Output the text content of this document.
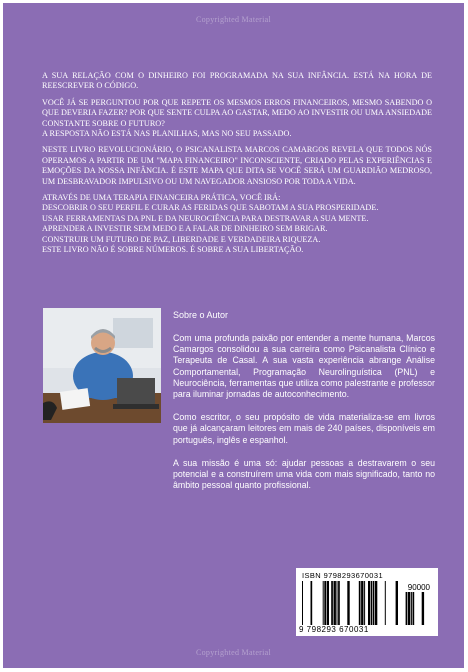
Copyrighted Material

A SUA RELAÇÃO COM O DINHEIRO FOI PROGRAMADA NA SUA INFÂNCIA. ESTÁ NA HORA DE REESCREVER O CÓDIGO.

VOCÊ JÁ SE PERGUNTOU POR QUE REPETE OS MESMOS ERROS FINANCEIROS, MESMO SABENDO O QUE DEVERIA FAZER? POR QUE SENTE CULPA AO GASTAR, MEDO AO INVESTIR OU UMA ANSIEDADE CONSTANTE SOBRE O FUTURO?
A RESPOSTA NÃO ESTÁ NAS PLANILHAS, MAS NO SEU PASSADO.

NESTE LIVRO REVOLUCIONÁRIO, O PSICANALISTA MARCOS CAMARGOS REVELA QUE TODOS NÓS OPERAMOS A PARTIR DE UM "MAPA FINANCEIRO" INCONSCIENTE, CRIADO PELAS EXPERIÊNCIAS E EMOÇÕES DA NOSSA INFÂNCIA. É ESTE MAPA QUE DITA SE VOCÊ SERÁ UM GUARDIÃO MEDROSO, UM DESBRAVADOR IMPULSIVO OU UM NAVEGADOR ANSIOSO POR TODA A VIDA.

ATRAVÉS DE UMA TERAPIA FINANCEIRA PRÁTICA, VOCÊ IRÁ:
DESCOBRIR O SEU PERFIL E CURAR AS FERIDAS QUE SABOTAM A SUA PROSPERIDADE.
USAR FERRAMENTAS DA PNL E DA NEUROCIÊNCIA PARA DESTRAVAR A SUA MENTE.
APRENDER A INVESTIR SEM MEDO E A FALAR DE DINHEIRO SEM BRIGAR.
CONSTRUIR UM FUTURO DE PAZ, LIBERDADE E VERDADEIRA RIQUEZA.
ESTE LIVRO NÃO É SOBRE NÚMEROS. É SOBRE A SUA LIBERTAÇÃO.

Sobre o Autor

Com uma profunda paixão por entender a mente humana, Marcos Camargos consolidou a sua carreira como Psicanalista Clínico e Terapeuta de Casal. A sua vasta experiência abrange Análise Comportamental, Programação Neurolinguística (PNL) e Neurociência, ferramentas que utiliza como palestrante e professor para iluminar jornadas de autoconhecimento.

Como escritor, o seu propósito de vida materializa-se em livros que já alcançaram leitores em mais de 240 países, disponíveis em português, inglês e espanhol.

A sua missão é uma só: ajudar pessoas a destravarem o seu potencial e a construírem uma vida com mais significado, tanto no âmbito pessoal quanto profissional.

ISBN 9798293670031
90000
9 798293 670031
Copyrighted Material
